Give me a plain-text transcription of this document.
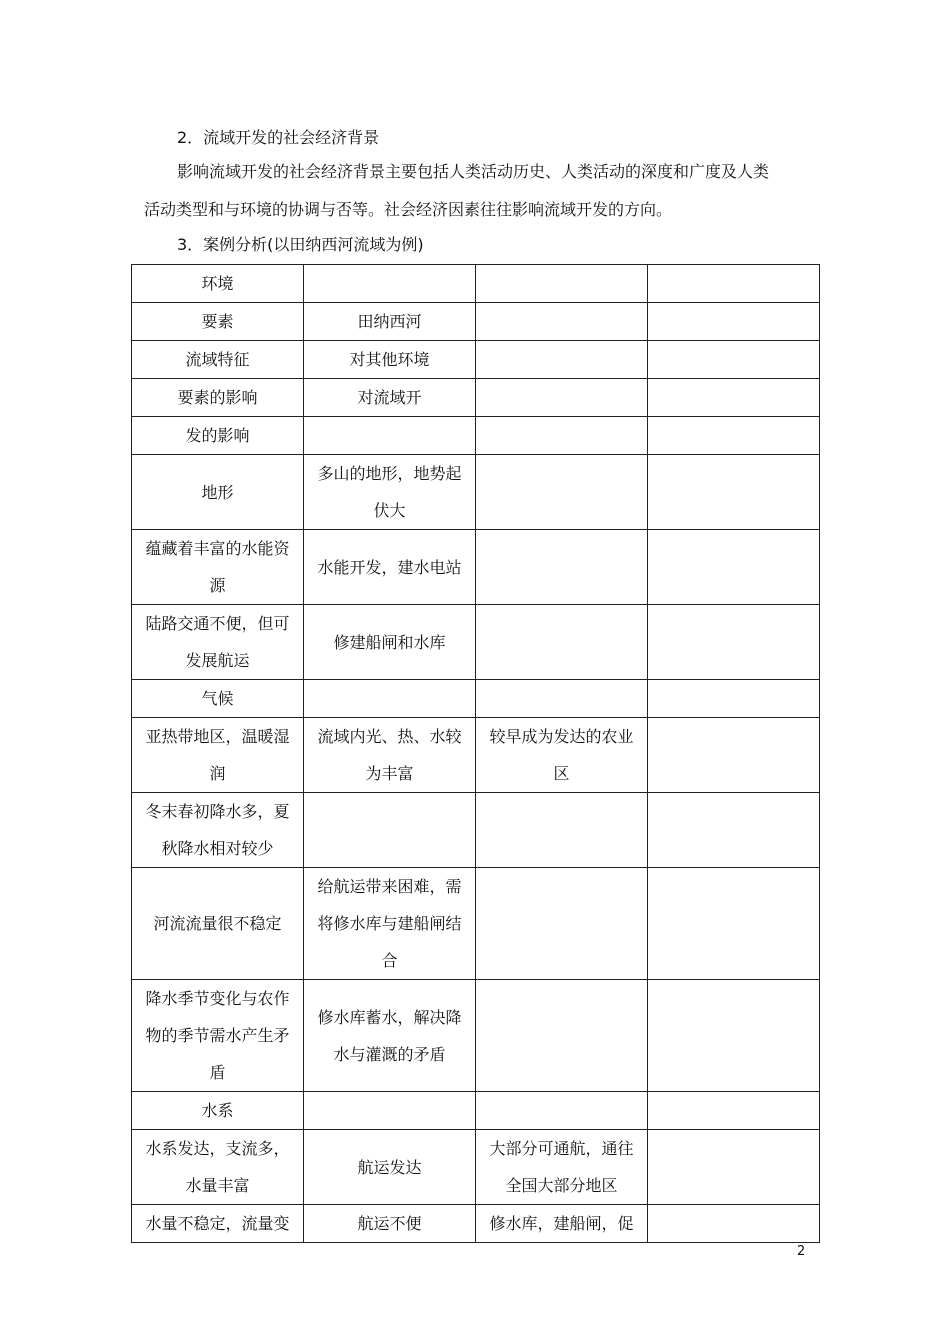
2．流域开发的社会经济背景
影响流域开发的社会经济背景主要包括人类活动历史、人类活动的深度和广度及人类
活动类型和与环境的协调与否等。社会经济因素往往影响流域开发的方向。
3．案例分析(以田纳西河流域为例)
环境			
要素	田纳西河		
流域特征	对其他环境		
要素的影响	对流域开		
发的影响			
地形	多山的地形，地势起伏大		
蕴藏着丰富的水能资源	水能开发，建水电站		
陆路交通不便，但可发展航运	修建船闸和水库		
气候			
亚热带地区，温暖湿润	流域内光、热、水较为丰富	较早成为发达的农业区	
冬末春初降水多，夏秋降水相对较少			
河流流量很不稳定	给航运带来困难，需将修水库与建船闸结合		
降水季节变化与农作物的季节需水产生矛盾	修水库蓄水，解决降水与灌溉的矛盾		
水系			
水系发达，支流多，水量丰富	航运发达	大部分可通航，通往全国大部分地区	
水量不稳定，流量变	航运不便	修水库，建船闸，促	
2
